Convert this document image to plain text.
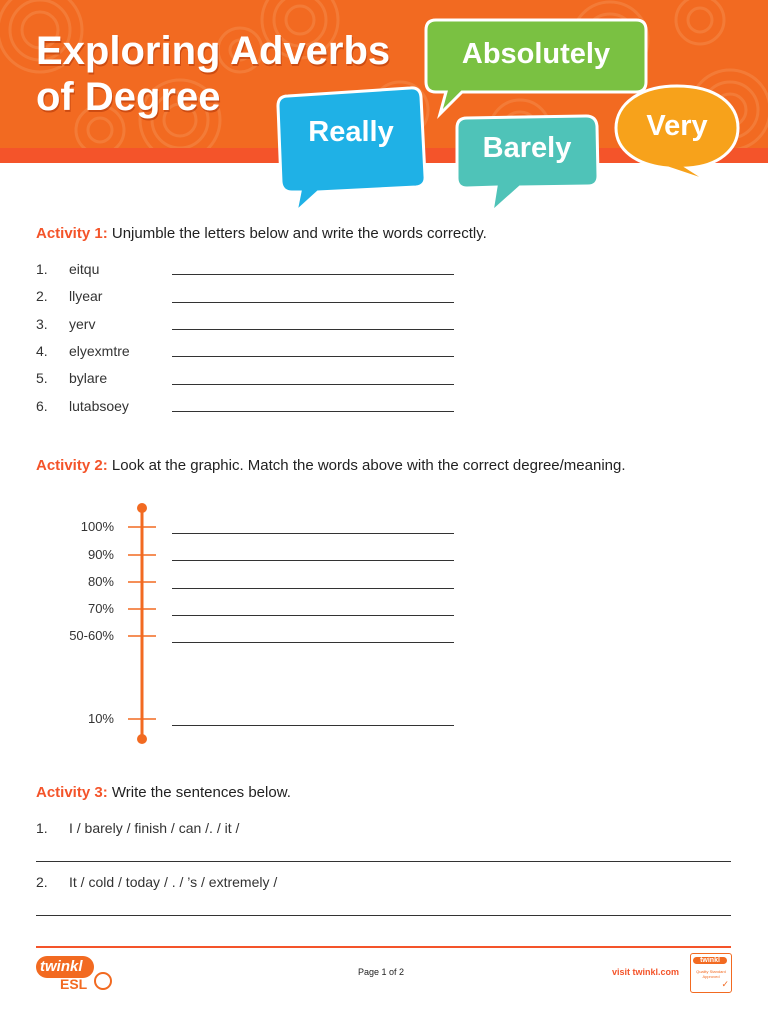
Exploring Adverbs
of Degree
Absolutely
Really	Barely
Very
Activity 1: Unjumble the letters below and write the words correctly.
1. eitqu
2. llyear
3. yerv
4. elyexmtre
5. bylare
6. lutabsoey
Activity 2: Look at the graphic. Match the words above with the correct degree/meaning.
100%
90%
80%
70%
50-60%
10%
Activity 3: Write the sentences below.
1. I / barely / finish / can /. / it /
2. It / cold / today / . / ’s / extremely /
twinkl
ESL
Page 1 of 2	visit twinkl.com
twinkl
Quality Standard Approved
✓
